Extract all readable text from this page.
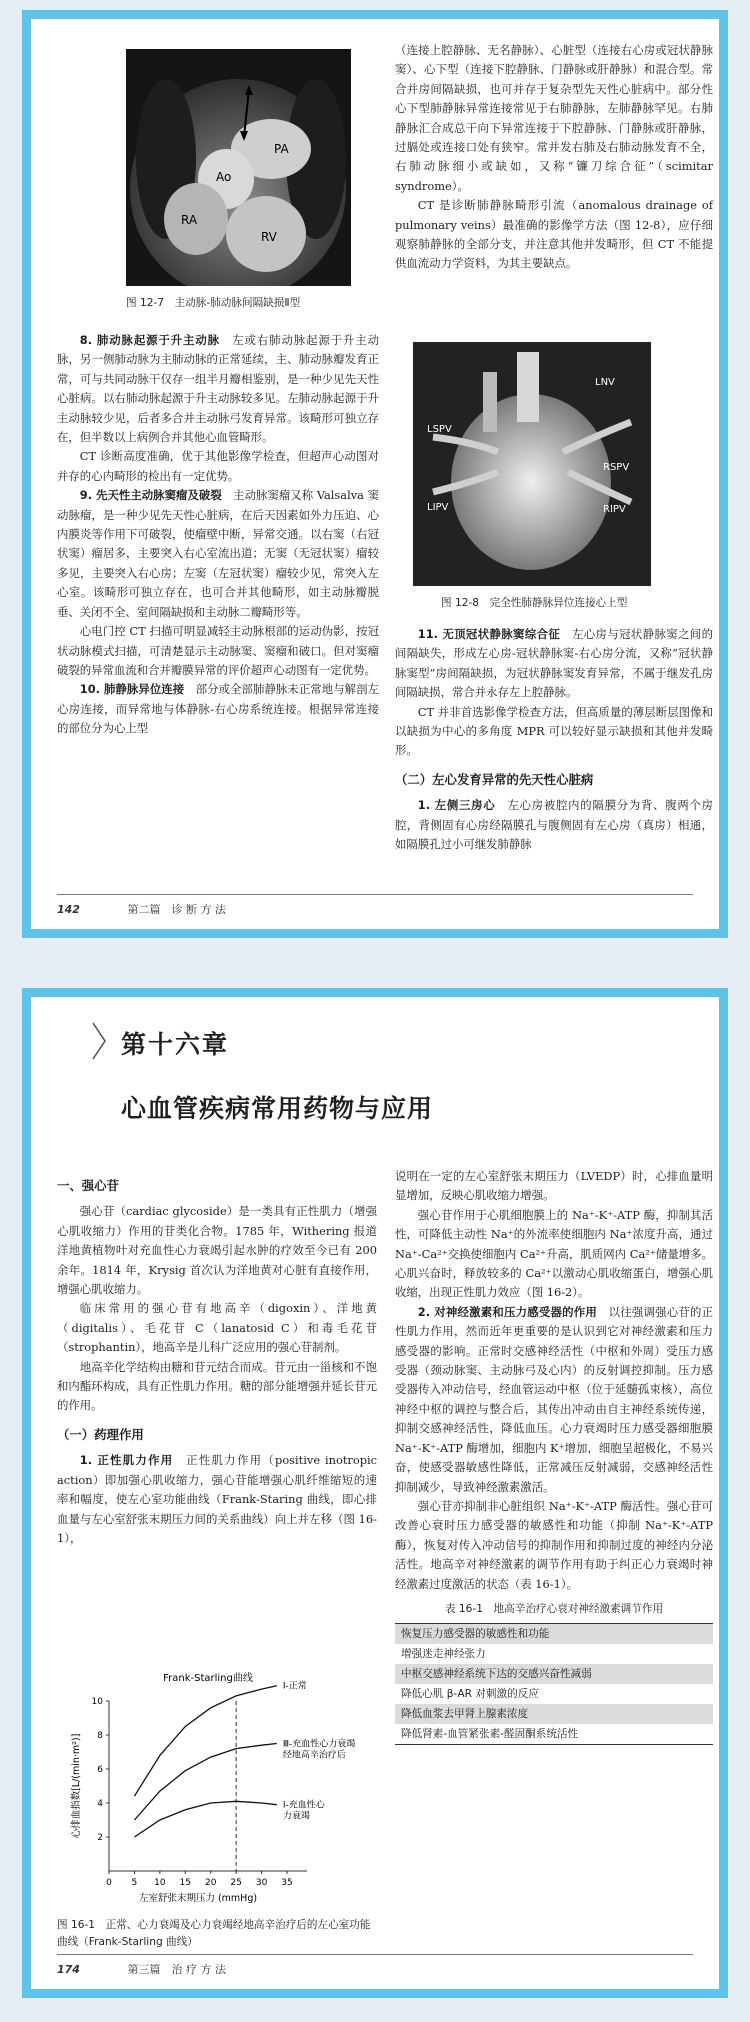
PA
Ao
RA
RV
图 12-7　主动脉-肺动脉间隔缺损Ⅱ型

8. 肺动脉起源于升主动脉　左或右肺动脉起源于升主动脉，另一侧肺动脉为主肺动脉的正常延续，主、肺动脉瓣发育正常，可与共同动脉干仅存一组半月瓣相鉴别，是一种少见先天性心脏病。以右肺动脉起源于升主动脉较多见。左肺动脉起源于升主动脉较少见，后者多合并主动脉弓发育异常。该畸形可独立存在，但半数以上病例合并其他心血管畸形。

CT 诊断高度准确，优于其他影像学检查，但超声心动图对并存的心内畸形的检出有一定优势。

9. 先天性主动脉窦瘤及破裂　主动脉窦瘤又称 Valsalva 窦动脉瘤，是一种少见先天性心脏病，在后天因素如外力压迫、心内膜炎等作用下可破裂，使瘤壁中断，异常交通。以右窦（右冠状窦）瘤居多，主要突入右心室流出道；无窦（无冠状窦）瘤较多见，主要突入右心房；左窦（左冠状窦）瘤较少见，常突入左心室。该畸形可独立存在，也可合并其他畸形，如主动脉瓣脱垂、关闭不全、室间隔缺损和主动脉二瓣畸形等。

心电门控 CT 扫描可明显减轻主动脉根部的运动伪影，按冠状动脉模式扫描，可清楚显示主动脉窦、窦瘤和破口。但对窦瘤破裂的异常血流和合并瓣膜异常的评价超声心动图有一定优势。

10. 肺静脉异位连接　部分或全部肺静脉未正常地与解剖左心房连接，而异常地与体静脉-右心房系统连接。根据异常连接的部位分为心上型

（连接上腔静脉、无名静脉）、心脏型（连接右心房或冠状静脉窦）、心下型（连接下腔静脉、门静脉或肝静脉）和混合型。常合并房间隔缺损，也可并存于复杂型先天性心脏病中。部分性心下型肺静脉异常连接常见于右肺静脉，左肺静脉罕见。右肺静脉汇合成总干向下异常连接于下腔静脉、门静脉或肝静脉，过膈处或连接口处有狭窄。常并发右肺及右肺动脉发育不全，右肺动脉细小或缺如，又称“镰刀综合征”（scimitar syndrome）。

CT 是诊断肺静脉畸形引流（anomalous drainage of pulmonary veins）最准确的影像学方法（图 12-8），应仔细观察肺静脉的全部分支，并注意其他并发畸形，但 CT 不能提供血流动力学资料，为其主要缺点。

LNV
LSPV
RSPV
LIPV	RIPV
图 12-8　完全性肺静脉异位连接心上型

11. 无顶冠状静脉窦综合征　左心房与冠状静脉窦之间的间隔缺失，形成左心房-冠状静脉窦-右心房分流，又称“冠状静脉窦型”房间隔缺损，为冠状静脉窦发育异常，不属于继发孔房间隔缺损，常合并永存左上腔静脉。

CT 并非首选影像学检查方法，但高质量的薄层断层图像和以缺损为中心的多角度 MPR 可以较好显示缺损和其他并发畸形。

（二）左心发育异常的先天性心脏病

1. 左侧三房心　左心房被腔内的隔膜分为背、腹两个房腔，背侧固有心房经隔膜孔与腹侧固有左心房（真房）相通，如隔膜孔过小可继发肺静脉

142	第二篇　诊 断 方 法
第十六章
心血管疾病常用药物与应用
一、强心苷

强心苷（cardiac glycoside）是一类具有正性肌力（增强心肌收缩力）作用的苷类化合物。1785 年，Withering 报道洋地黄植物叶对充血性心力衰竭引起水肿的疗效至今已有 200 余年。1814 年，Krysig 首次认为洋地黄对心脏有直接作用，增强心肌收缩力。

临床常用的强心苷有地高辛（digoxin）、洋地黄（digitalis）、毛花苷 C（lanatosid C）和毒毛花苷（strophantin），地高辛是儿科广泛应用的强心苷制剂。

地高辛化学结构由糖和苷元结合而成。苷元由一甾核和不饱和内酯环构成，具有正性肌力作用。糖的部分能增强并延长苷元的作用。

（一）药理作用

1. 正性肌力作用　正性肌力作用（positive inotropic action）即加强心肌收缩力，强心苷能增强心肌纤维缩短的速率和幅度，使左心室功能曲线（Frank-Staring 曲线，即心排血量与左心室舒张末期压力间的关系曲线）向上并左移（图 16-1），

Frank-Starling曲线
0 5 10 15 20 25 30 35
2
4
6
8
10
左室舒张末期压力 (mmHg)
心排血指数[L/(min·m²)]
Ⅰ-正常
Ⅲ-充血性心力衰竭
经地高辛治疗后
Ⅰ-充血性心
力衰竭
图 16-1　正常、心力衰竭及心力衰竭经地高辛治疗后的左心室功能曲线（Frank-Starling 曲线）

说明在一定的左心室舒张末期压力（LVEDP）时，心排血量明显增加，反映心肌收缩力增强。

强心苷作用于心肌细胞膜上的 Na⁺-K⁺-ATP 酶，抑制其活性，可降低主动性 Na⁺的外流率使细胞内 Na⁺浓度升高，通过 Na⁺-Ca²⁺交换使细胞内 Ca²⁺升高，肌质网内 Ca²⁺储量增多。心肌兴奋时，释放较多的 Ca²⁺以激动心肌收缩蛋白，增强心肌收缩，出现正性肌力效应（图 16-2）。

2. 对神经激素和压力感受器的作用　以往强调强心苷的正性肌力作用，然而近年更重要的是认识到它对神经激素和压力感受器的影响。正常时交感神经活性（中枢和外周）受压力感受器（颈动脉窦、主动脉弓及心内）的反射调控抑制。压力感受器传入冲动信号，经血管运动中枢（位于延髓孤束核），高位神经中枢的调控与整合后，其传出冲动由自主神经系统传递，抑制交感神经活性，降低血压。心力衰竭时压力感受器细胞膜 Na⁺-K⁺-ATP 酶增加，细胞内 K⁺增加，细胞呈超极化，不易兴奋，使感受器敏感性降低，正常减压反射减弱，交感神经活性抑制减少，导致神经激素激活。

强心苷亦抑制非心脏组织 Na⁺-K⁺-ATP 酶活性。强心苷可改善心衰时压力感受器的敏感性和功能（抑制 Na⁺-K⁺-ATP 酶），恢复对传入冲动信号的抑制作用和抑制过度的神经内分泌活性。地高辛对神经激素的调节作用有助于纠正心力衰竭时神经激素过度激活的状态（表 16-1）。

表 16-1　地高辛治疗心衰对神经激素调节作用
恢复压力感受器的敏感性和功能
增强迷走神经张力
中枢交感神经系统下达的交感兴奋性减弱
降低心肌 β-AR 对刺激的反应
降低血浆去甲肾上腺素浓度
降低肾素-血管紧张素-醛固酮系统活性
174	第三篇　治 疗 方 法
